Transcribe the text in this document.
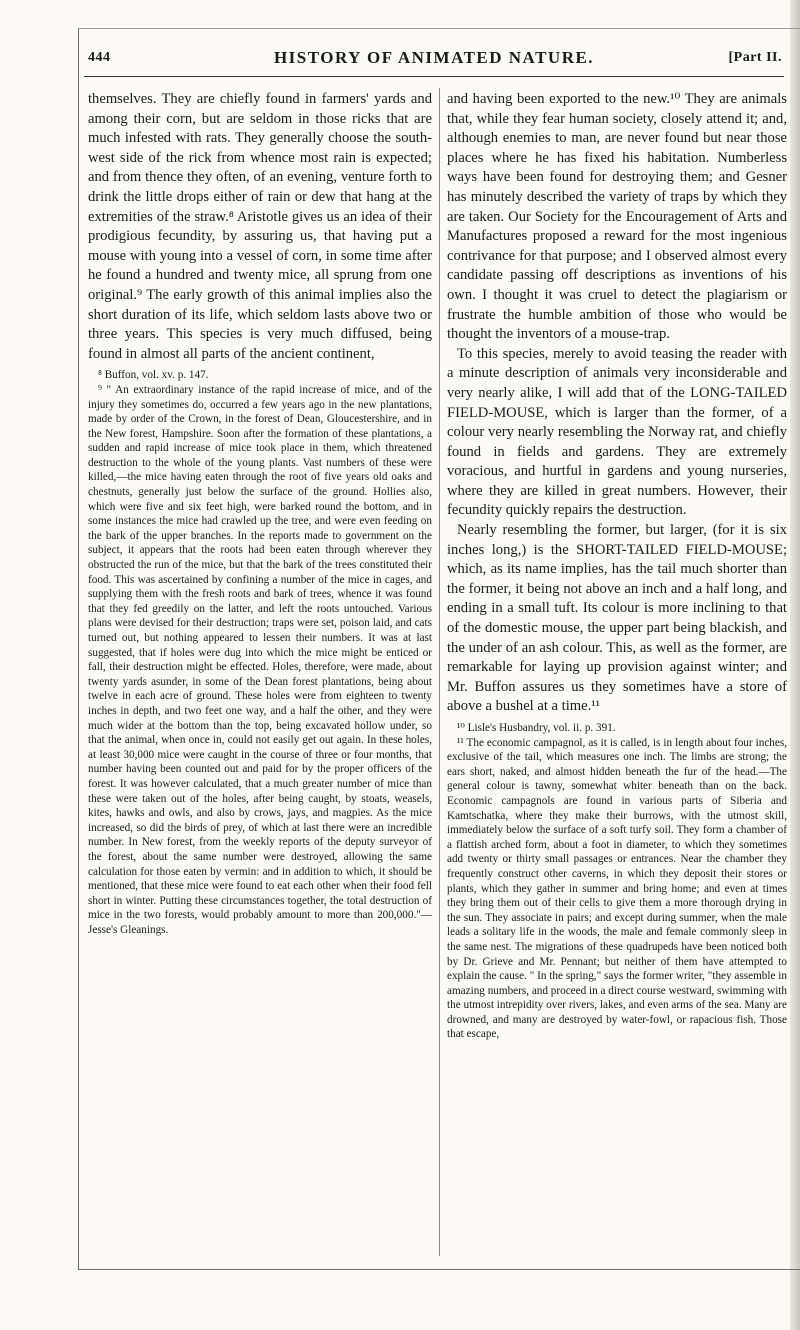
444	HISTORY OF ANIMATED NATURE.	[Part II.

themselves. They are chiefly found in farmers' yards and among their corn, but are seldom in those ricks that are much infested with rats. They generally choose the south-west side of the rick from whence most rain is expected; and from thence they often, of an evening, venture forth to drink the little drops either of rain or dew that hang at the extremities of the straw.⁸ Aristotle gives us an idea of their prodigious fecundity, by assuring us, that having put a mouse with young into a vessel of corn, in some time after he found a hundred and twenty mice, all sprung from one original.⁹ The early growth of this animal implies also the short duration of its life, which seldom lasts above two or three years. This species is very much diffused, being found in almost all parts of the ancient continent,

⁸ Buffon, vol. xv. p. 147.

⁹ " An extraordinary instance of the rapid increase of mice, and of the injury they sometimes do, occurred a few years ago in the new plantations, made by order of the Crown, in the forest of Dean, Gloucestershire, and in the New forest, Hampshire. Soon after the formation of these plantations, a sudden and rapid increase of mice took place in them, which threatened destruction to the whole of the young plants. Vast numbers of these were killed,—the mice having eaten through the root of five years old oaks and chestnuts, generally just below the surface of the ground. Hollies also, which were five and six feet high, were barked round the bottom, and in some instances the mice had crawled up the tree, and were even feeding on the bark of the upper branches. In the reports made to government on the subject, it appears that the roots had been eaten through wherever they obstructed the run of the mice, but that the bark of the trees constituted their food. This was ascertained by confining a number of the mice in cages, and supplying them with the fresh roots and bark of trees, whence it was found that they fed greedily on the latter, and left the roots untouched. Various plans were devised for their destruction; traps were set, poison laid, and cats turned out, but nothing appeared to lessen their numbers. It was at last suggested, that if holes were dug into which the mice might be enticed or fall, their destruction might be effected. Holes, therefore, were made, about twenty yards asunder, in some of the Dean forest plantations, being about twelve in each acre of ground. These holes were from eighteen to twenty inches in depth, and two feet one way, and a half the other, and they were much wider at the bottom than the top, being excavated hollow under, so that the animal, when once in, could not easily get out again. In these holes, at least 30,000 mice were caught in the course of three or four months, that number having been counted out and paid for by the proper officers of the forest. It was however calculated, that a much greater number of mice than these were taken out of the holes, after being caught, by stoats, weasels, kites, hawks and owls, and also by crows, jays, and magpies. As the mice increased, so did the birds of prey, of which at last there were an incredible number. In New forest, from the weekly reports of the deputy surveyor of the forest, about the same number were destroyed, allowing the same calculation for those eaten by vermin: and in addition to which, it should be mentioned, that these mice were found to eat each other when their food fell short in winter. Putting these circumstances together, the total destruction of mice in the two forests, would probably amount to more than 200,000."—Jesse's Gleanings.

and having been exported to the new.¹⁰ They are animals that, while they fear human society, closely attend it; and, although enemies to man, are never found but near those places where he has fixed his habitation. Numberless ways have been found for destroying them; and Gesner has minutely described the variety of traps by which they are taken. Our Society for the Encouragement of Arts and Manufactures proposed a reward for the most ingenious contrivance for that purpose; and I observed almost every candidate passing off descriptions as inventions of his own. I thought it was cruel to detect the plagiarism or frustrate the humble ambition of those who would be thought the inventors of a mouse-trap.

To this species, merely to avoid teasing the reader with a minute description of animals very inconsiderable and very nearly alike, I will add that of the LONG-TAILED FIELD-MOUSE, which is larger than the former, of a colour very nearly resembling the Norway rat, and chiefly found in fields and gardens. They are extremely voracious, and hurtful in gardens and young nurseries, where they are killed in great numbers. However, their fecundity quickly repairs the destruction.

Nearly resembling the former, but larger, (for it is six inches long,) is the SHORT-TAILED FIELD-MOUSE; which, as its name implies, has the tail much shorter than the former, it being not above an inch and a half long, and ending in a small tuft. Its colour is more inclining to that of the domestic mouse, the upper part being blackish, and the under of an ash colour. This, as well as the former, are remarkable for laying up provision against winter; and Mr. Buffon assures us they sometimes have a store of above a bushel at a time.¹¹

¹⁰ Lisle's Husbandry, vol. ii. p. 391.

¹¹ The economic campagnol, as it is called, is in length about four inches, exclusive of the tail, which measures one inch. The limbs are strong; the ears short, naked, and almost hidden beneath the fur of the head.—The general colour is tawny, somewhat whiter beneath than on the back. Economic campagnols are found in various parts of Siberia and Kamtschatka, where they make their burrows, with the utmost skill, immediately below the surface of a soft turfy soil. They form a chamber of a flattish arched form, about a foot in diameter, to which they sometimes add twenty or thirty small passages or entrances. Near the chamber they frequently construct other caverns, in which they deposit their stores or plants, which they gather in summer and bring home; and even at times they bring them out of their cells to give them a more thorough drying in the sun. They associate in pairs; and except during summer, when the male leads a solitary life in the woods, the male and female commonly sleep in the same nest. The migrations of these quadrupeds have been noticed both by Dr. Grieve and Mr. Pennant; but neither of them have attempted to explain the cause. " In the spring," says the former writer, "they assemble in amazing numbers, and proceed in a direct course westward, swimming with the utmost intrepidity over rivers, lakes, and even arms of the sea. Many are drowned, and many are destroyed by water-fowl, or rapacious fish. Those that escape,
